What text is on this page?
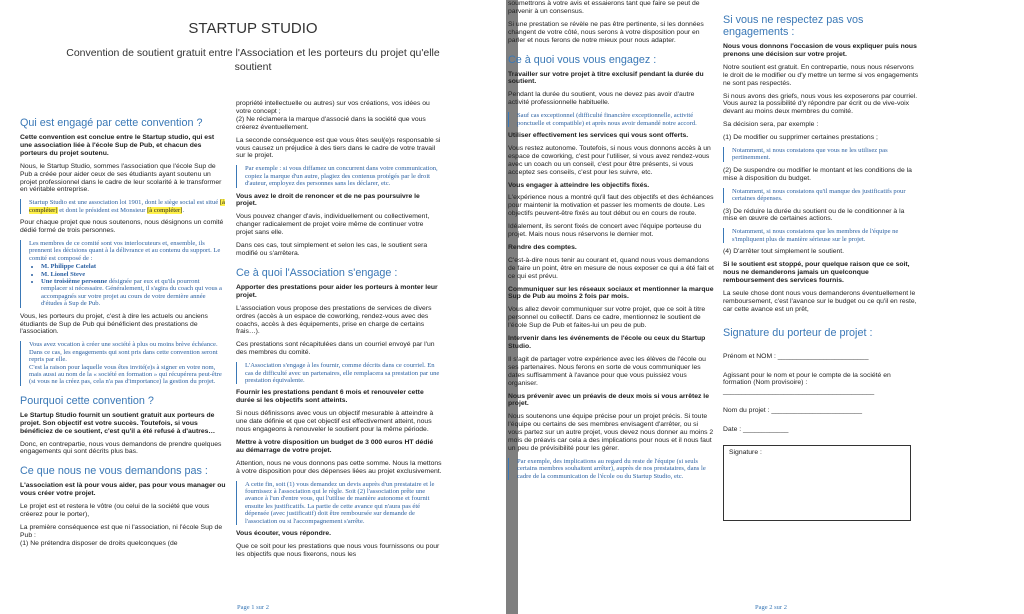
STARTUP STUDIO
Convention de soutient gratuit entre l'Association et les porteurs du projet qu'elle soutient
Qui est engagé par cette convention ?

Cette convention est conclue entre le Startup studio, qui est une association liée à l'école Sup de Pub, et chacun des porteurs du projet soutenu.

Nous, le Startup Studio, sommes l'association que l'école Sup de Pub a créée pour aider ceux de ses étudiants ayant soutenu un projet professionnel dans le cadre de leur scolarité à le transformer en véritable entreprise.

Startup Studio est une association loi 1901, dont le siège social est situé [à compléter] et dont le président est Monsieur [à compléter].

Pour chaque projet que nous soutenons, nous désignons un comité dédié formé de trois personnes.

Les membres de ce comité sont vos interlocuteurs et, ensemble, ils prennent les décisions quant à la délivrance et au contenu du support. Le comité est composé de :
• M. Philippe Catelat
• M. Lionel Steve
• Une troisième personne désignée par eux et qu'ils pourront remplacer si nécessaire. Généralement, il s'agira du coach qui vous a accompagnés sur votre projet au cours de votre dernière année d'études à Sup de Pub.

Vous, les porteurs du projet, c'est à dire les actuels ou anciens étudiants de Sup de Pub qui bénéficient des prestations de l'association.

Vous avez vocation à créer une société à plus ou moins brève échéance. Dans ce cas, les engagements qui sont pris dans cette convention seront repris par elle.
C'est la raison pour laquelle vous êtes invité(e)s à signer en votre nom, mais aussi au nom de la « société en formation » qui récupérera peut-être (si vous ne la créez pas, cela n'a pas d'importance) la gestion du projet.
Pourquoi cette convention ?

Le Startup Studio fournit un soutient gratuit aux porteurs de projet. Son objectif est votre succès. Toutefois, si vous bénéficiez de ce soutient, c'est qu'il a été refusé à d'autres…

Donc, en contrepartie, nous vous demandons de prendre quelques engagements qui sont décrits plus bas.

Ce que nous ne vous demandons pas :

L'association est là pour vous aider, pas pour vous manager ou vous créer votre projet.

Le projet est et restera le vôtre (ou celui de la société que vous créerez pour le porter),

La première conséquence est que ni l'association, ni l'école Sup de Pub :

(1) Ne prétendra disposer de droits quelconques (de

propriété intellectuelle ou autres) sur vos créations, vos idées ou votre concept ;

(2) Ne réclamera la marque d'associé dans la société que vous créerez éventuellement.

La seconde conséquence est que vous êtes seul(e)s responsable si vous causez un préjudice à des tiers dans le cadre de votre travail sur le projet.

Par exemple : si vous diffamez un concurrent dans votre communication, copiez la marque d'un autre, plagiez des contenus protégés par le droit d'auteur, employez des personnes sans les déclarer, etc.

Vous avez le droit de renoncer et de ne pas poursuivre le projet.

Vous pouvez changer d'avis, individuellement ou collectivement, changer radicalement de projet voire même de continuer votre projet sans elle.

Dans ces cas, tout simplement et selon les cas, le soutient sera modifié ou s'arrêtera.

Ce à quoi l'Association s'engage :

Apporter des prestations pour aider les porteurs à monter leur projet.

L'association vous propose des prestations de services de divers ordres (accès à un espace de coworking, rendez-vous avec des coachs, accès à des équipements, prise en charge de certains frais…).

Ces prestations sont récapitulées dans un courriel envoyé par l'un des membres du comité.

L'Association s'engage à les fournir, comme décrits dans ce courriel. En cas de difficulté avec un partenaires, elle remplacera sa prestation par une prestation équivalente.

Fournir les prestations pendant 6 mois et renouveler cette durée si les objectifs sont atteints.

Si nous définissons avec vous un objectif mesurable à atteindre à une date définie et que cet objectif est effectivement atteint, nous nous engageons à renouveler le soutient pour la même période.

Mettre à votre disposition un budget de 3 000 euros HT dédié au démarrage de votre projet.

Attention, nous ne vous donnons pas cette somme. Nous la mettons à votre disposition pour des dépenses liées au projet exclusivement.

A cette fin, soit (1) vous demandez un devis auprès d'un prestataire et le fournissez à l'association qui le règle. Soit (2) l'association prête une avance à l'un d'entre vous, qui l'utilise de manière autonome et fournit ensuite les justificatifs. La partie de cette avance qui n'aura pas été dépensée (avec justificatif) doit être remboursée sur demande de l'association ou si l'accompagnement s'arrête.

Vous écouter, vous répondre.

Que ce soit pour les prestations que nous vous fournissons ou pour les objectifs que nous fixerons, nous les

Page 1 sur 2

soumettrons à votre avis et essaierons tant que faire se peut de parvenir à un consensus.

Si une prestation se révèle ne pas être pertinente, si les données changent de votre côté, nous serons à votre disposition pour en parler et nous ferons de notre mieux pour nous adapter.

Ce à quoi vous vous engagez :

Travailler sur votre projet à titre exclusif pendant la durée du soutient.

Pendant la durée du soutient, vous ne devez pas avoir d'autre activité professionnelle habituelle.

Sauf cas exceptionnel (difficulté financière exceptionnelle, activité ponctuelle et compatible) et après nous avoir demandé notre accord.

Utiliser effectivement les services qui vous sont offerts.

Vous restez autonome. Toutefois, si nous vous donnons accès à un espace de coworking, c'est pour l'utiliser, si vous avez rendez-vous avec un coach ou un conseil, c'est pour être présents, si vous acceptez ses conseils, c'est pour les suivre, etc.

Vous engager à atteindre les objectifs fixés.

L'expérience nous a montré qu'il faut des objectifs et des échéances pour maintenir la motivation et passer les moments de doute. Les objectifs peuvent-être fixés au tout début ou en cours de route.

Idéalement, ils seront fixés de concert avec l'équipe porteuse du projet. Mais nous nous réservons le dernier mot.

Rendre des comptes.

C'est-à-dire nous tenir au courant et, quand nous vous demandons de faire un point, être en mesure de nous exposer ce qui a été fait et ce qui est prévu.

Communiquer sur les réseaux sociaux et mentionner la marque Sup de Pub au moins 2 fois par mois.

Vous allez devoir communiquer sur votre projet, que ce soit à titre personnel ou collectif. Dans ce cadre, mentionnez le soutient de l'école Sup de Pub et faites-lui un peu de pub.

Intervenir dans les événements de l'école ou ceux du Startup Studio.

Il s'agit de partager votre expérience avec les élèves de l'école ou ses partenaires. Nous ferons en sorte de vous communiquer les dates suffisamment à l'avance pour que vous puissiez vous organiser.

Nous prévenir avec un préavis de deux mois si vous arrêtez le projet.

Nous soutenons une équipe précise pour un projet précis. Si toute l'équipe ou certains de ses membres envisagent d'arrêter, ou si vous partez sur un autre projet, vous devez nous donner au moins 2 mois de préavis car cela a des implications pour nous et il nous faut un peu de prévisibilité pour les gérer.

Par exemple, des implications au regard du reste de l'équipe (si seuls certains membres souhaitent arrêter), auprès de nos prestataires, dans le cadre de la communication de l'école ou du Startup Studio, etc.
Si vous ne respectez pas vos engagements :

Nous vous donnons l'occasion de vous expliquer puis nous prenons une décision sur votre projet.

Notre soutient est gratuit. En contrepartie, nous nous réservons le droit de le modifier ou d'y mettre un terme si vos engagements ne sont pas respectés.

Si nous avons des griefs, nous vous les exposerons par courriel. Vous aurez la possibilité d'y répondre par écrit ou de vive-voix devant au moins deux membres du comité.

Sa décision sera, par exemple :

(1) De modifier ou supprimer certaines prestations ;

Notamment, si nous constatons que vous ne les utilisez pas pertinemment.

(2) De suspendre ou modifier le montant et les conditions de la mise à disposition du budget.

Notamment, si nous constatons qu'il manque des justificatifs pour certaines dépenses.

(3) De réduire la durée du soutient ou de le conditionner à la mise en œuvre de certaines actions.

Notamment, si nous constatons que les membres de l'équipe ne s'impliquent plus de manière sérieuse sur le projet.

(4) D'arrêter tout simplement le soutient.

Si le soutient est stoppé, pour quelque raison que ce soit, nous ne demanderons jamais un quelconque remboursement des services fournis.

La seule chose dont nous vous demanderons éventuellement le remboursement, c'est l'avance sur le budget ou ce qu'il en reste, car cette avance est un prêt,

Signature du porteur de projet :
Prénom et NOM : ________________________
Agissant pour le nom et pour le compte de la société en formation (Nom provisoire) :
________________________________________
Nom du projet : ________________________
Date : ____________
Signature :
Page 2 sur 2
